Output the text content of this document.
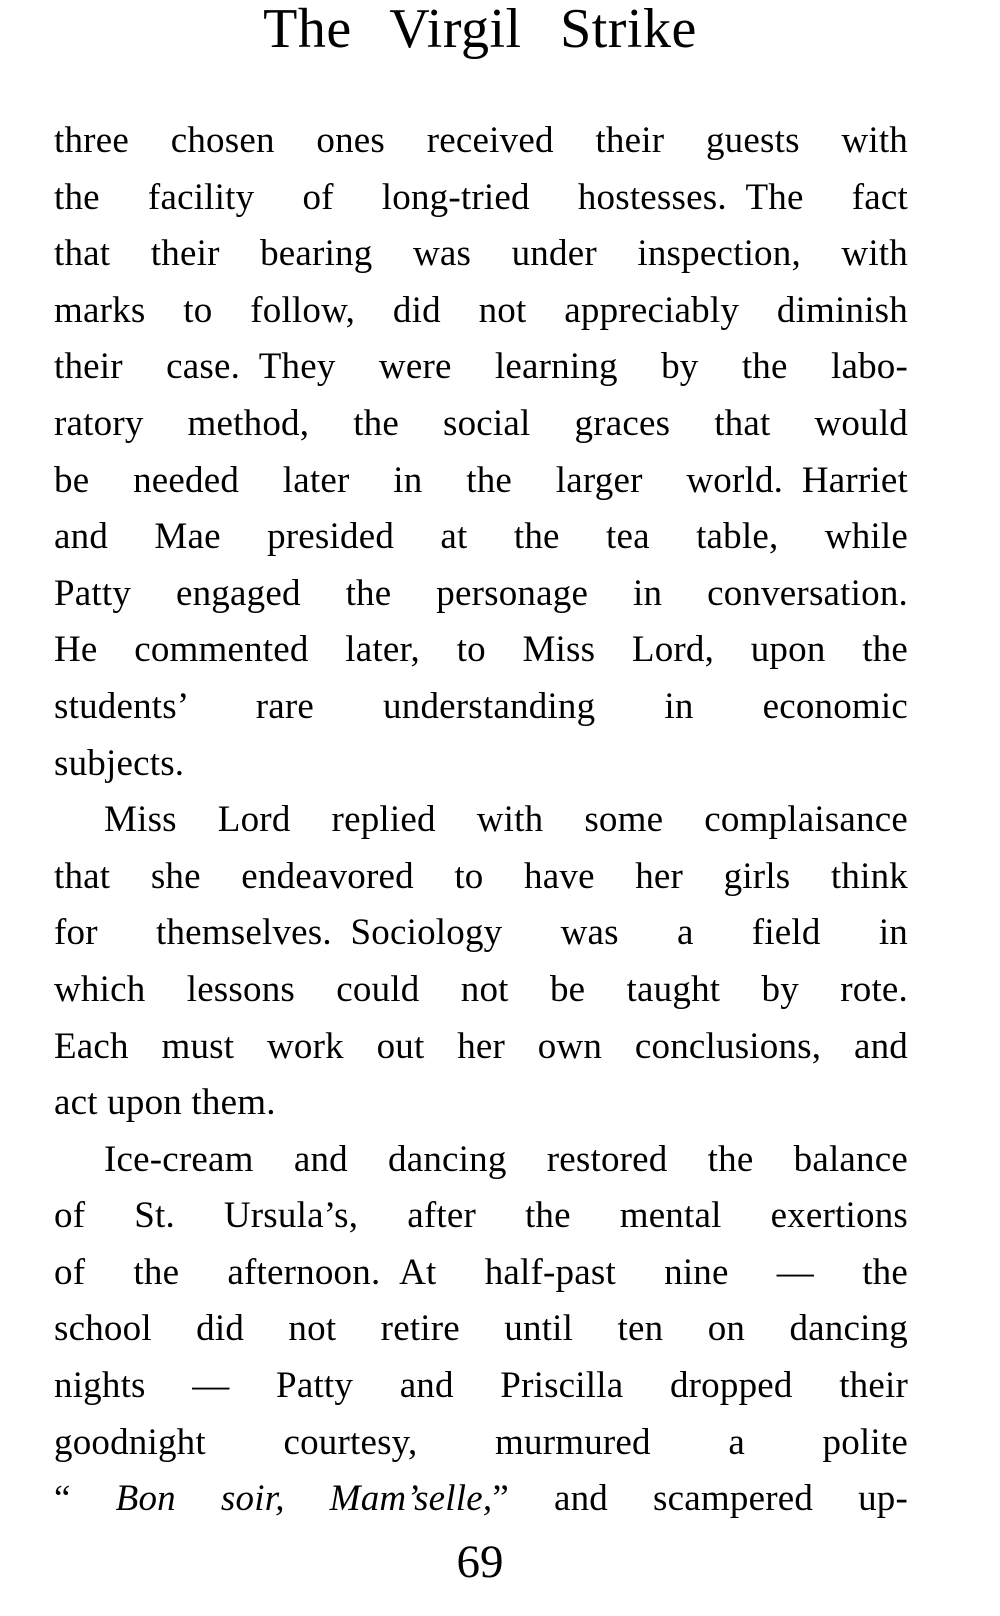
The Virgil Strike
three chosen ones received their guests with
the facility of long-tried hostesses. The fact
that their bearing was under inspection, with
marks to follow, did not appreciably diminish
their case. They were learning by the labo-
ratory method, the social graces that would
be needed later in the larger world. Harriet
and Mae presided at the tea table, while
Patty engaged the personage in conversation.
He commented later, to Miss Lord, upon the
students’ rare understanding in economic
subjects.
Miss Lord replied with some complaisance
that she endeavored to have her girls think
for themselves. Sociology was a field in
which lessons could not be taught by rote.
Each must work out her own conclusions, and
act upon them.
Ice-cream and dancing restored the balance
of St. Ursula’s, after the mental exertions
of the afternoon. At half-past nine — the
school did not retire until ten on dancing
nights — Patty and Priscilla dropped their
goodnight courtesy, murmured a polite
“ Bon soir, Mam’selle,” and scampered up-
69
